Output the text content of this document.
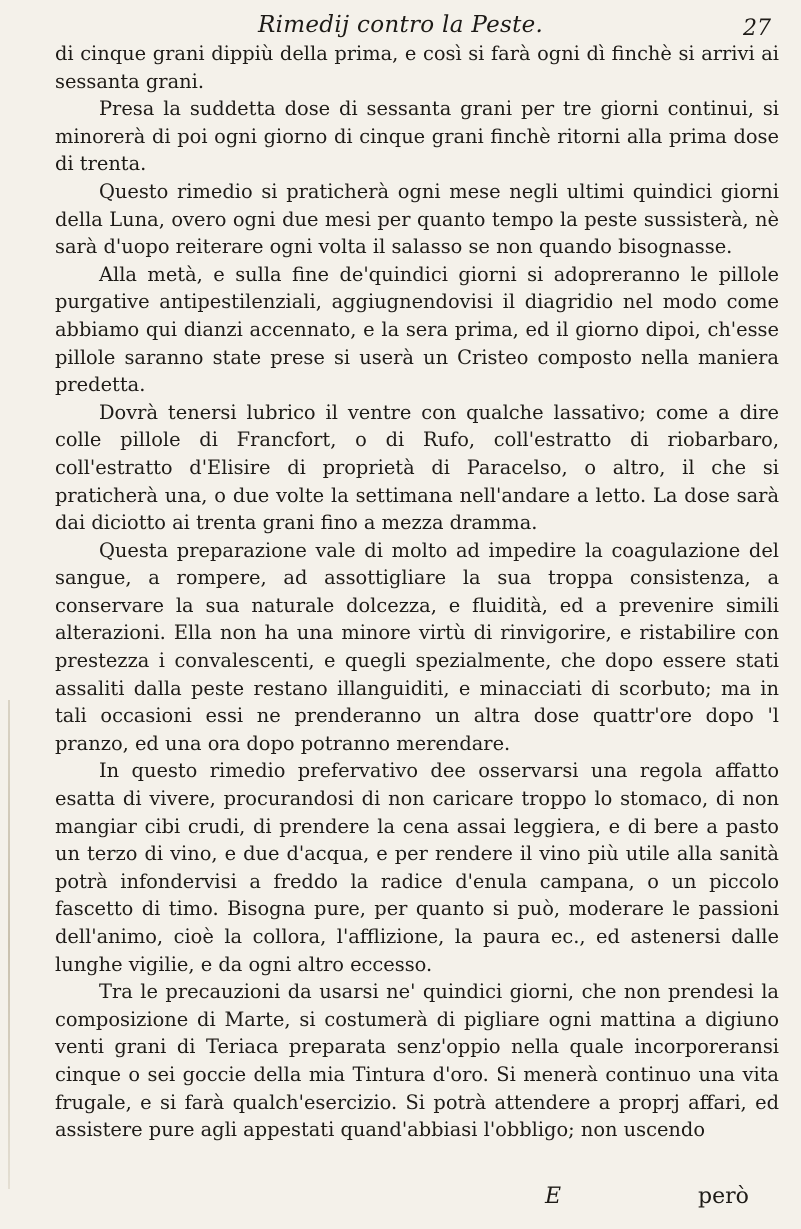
Rimedij contro la Peste.	27

di cinque grani dippiù della prima, e così si farà ogni dì finchè si arrivi ai sessanta grani.

Presa la suddetta dose di sessanta grani per tre giorni continui, si minorerà di poi ogni giorno di cinque grani finchè ritorni alla prima dose di trenta.

Questo rimedio si praticherà ogni mese negli ultimi quindici giorni della Luna, overo ogni due mesi per quanto tempo la peste sussisterà, nè sarà d'uopo reiterare ogni volta il salasso se non quando bisognasse.

Alla metà, e sulla fine de'quindici giorni si adopreranno le pillole purgative antipestilenziali, aggiugnendovisi il diagridio nel modo come abbiamo qui dianzi accennato, e la sera prima, ed il giorno dipoi, ch'esse pillole saranno state prese si userà un Cristeo composto nella maniera predetta.

Dovrà tenersi lubrico il ventre con qualche lassativo; come a dire colle pillole di Francfort, o di Rufo, coll'estratto di riobarbaro, coll'estratto d'Elisire di proprietà di Paracelso, o altro, il che si praticherà una, o due volte la settimana nell'andare a letto. La dose sarà dai diciotto ai trenta grani fino a mezza dramma.

Questa preparazione vale di molto ad impedire la coagulazione del sangue, a rompere, ad assottigliare la sua troppa consistenza, a conservare la sua naturale dolcezza, e fluidità, ed a prevenire simili alterazioni. Ella non ha una minore virtù di rinvigorire, e ristabilire con prestezza i convalescenti, e quegli spezialmente, che dopo essere stati assaliti dalla peste restano illanguiditi, e minacciati di scorbuto; ma in tali occasioni essi ne prenderanno un altra dose quattr'ore dopo 'l pranzo, ed una ora dopo potranno merendare.

In questo rimedio prefervativo dee osservarsi una regola affatto esatta di vivere, procurandosi di non caricare troppo lo stomaco, di non mangiar cibi crudi, di prendere la cena assai leggiera, e di bere a pasto un terzo di vino, e due d'acqua, e per rendere il vino più utile alla sanità potrà infondervisi a freddo la radice d'enula campana, o un piccolo fascetto di timo. Bisogna pure, per quanto si può, moderare le passioni dell'animo, cioè la collora, l'afflizione, la paura ec., ed astenersi dalle lunghe vigilie, e da ogni altro eccesso.

Tra le precauzioni da usarsi ne' quindici giorni, che non prendesi la composizione di Marte, si costumerà di pigliare ogni mattina a digiuno venti grani di Teriaca preparata senz'oppio nella quale incorporeransi cinque o sei goccie della mia Tintura d'oro. Si menerà continuo una vita frugale, e si farà qualch'esercizio. Si potrà attendere a proprj affari, ed assistere pure agli appestati quand'abbiasi l'obbligo; non uscendo

E	però
